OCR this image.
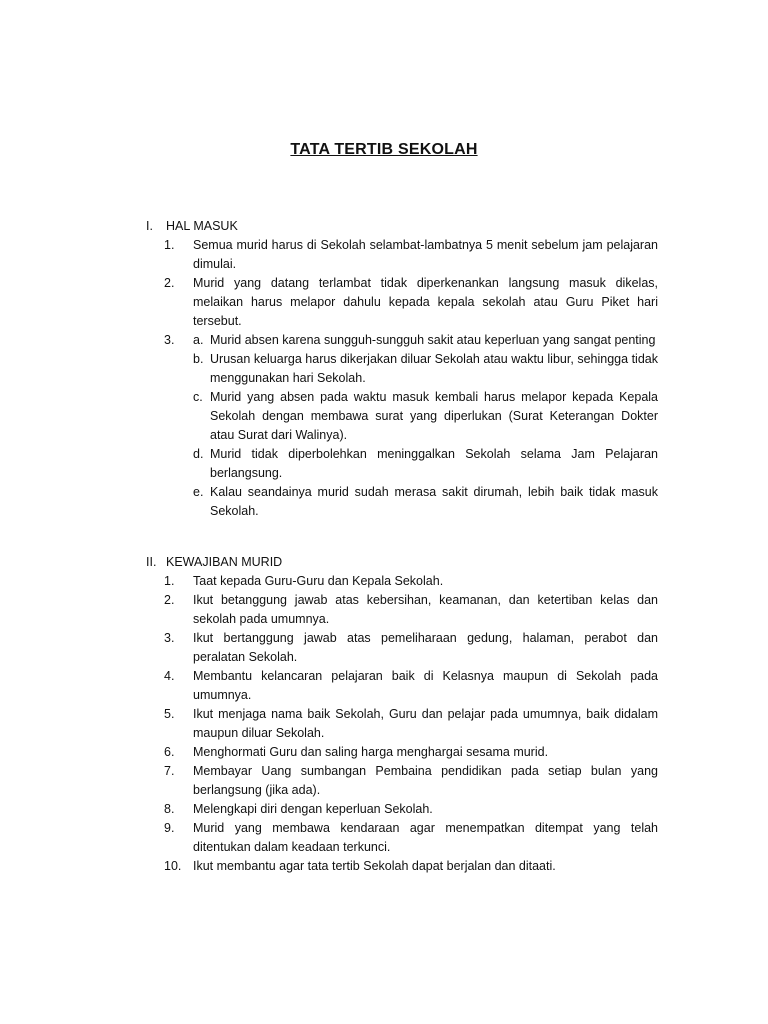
TATA TERTIB SEKOLAH
I. HAL MASUK
1. Semua murid harus di Sekolah selambat-lambatnya 5 menit sebelum jam pelajaran dimulai.
2. Murid yang datang terlambat tidak diperkenankan langsung masuk dikelas, melaikan harus melapor dahulu kepada kepala sekolah atau Guru Piket hari tersebut.
3. a. Murid absen karena sungguh-sungguh sakit atau keperluan yang sangat penting
b. Urusan keluarga harus dikerjakan diluar Sekolah atau waktu libur, sehingga tidak menggunakan hari Sekolah.
c. Murid yang absen pada waktu masuk kembali harus melapor kepada Kepala Sekolah dengan membawa surat yang diperlukan (Surat Keterangan Dokter atau Surat dari Walinya).
d. Murid tidak diperbolehkan meninggalkan Sekolah selama Jam Pelajaran berlangsung.
e. Kalau seandainya murid sudah merasa sakit dirumah, lebih baik tidak masuk Sekolah.
II. KEWAJIBAN MURID
1. Taat kepada Guru-Guru dan Kepala Sekolah.
2. Ikut betanggung jawab atas kebersihan, keamanan, dan ketertiban kelas dan sekolah pada umumnya.
3. Ikut bertanggung jawab atas pemeliharaan gedung, halaman, perabot dan peralatan Sekolah.
4. Membantu kelancaran pelajaran baik di Kelasnya maupun di Sekolah pada umumnya.
5. Ikut menjaga nama baik Sekolah, Guru dan pelajar pada umumnya, baik didalam maupun diluar Sekolah.
6. Menghormati Guru dan saling harga menghargai sesama murid.
7. Membayar Uang sumbangan Pembaina pendidikan pada setiap bulan yang berlangsung (jika ada).
8. Melengkapi diri dengan keperluan Sekolah.
9. Murid yang membawa kendaraan agar menempatkan ditempat yang telah ditentukan dalam keadaan terkunci.
10. Ikut membantu agar tata tertib Sekolah dapat berjalan dan ditaati.
